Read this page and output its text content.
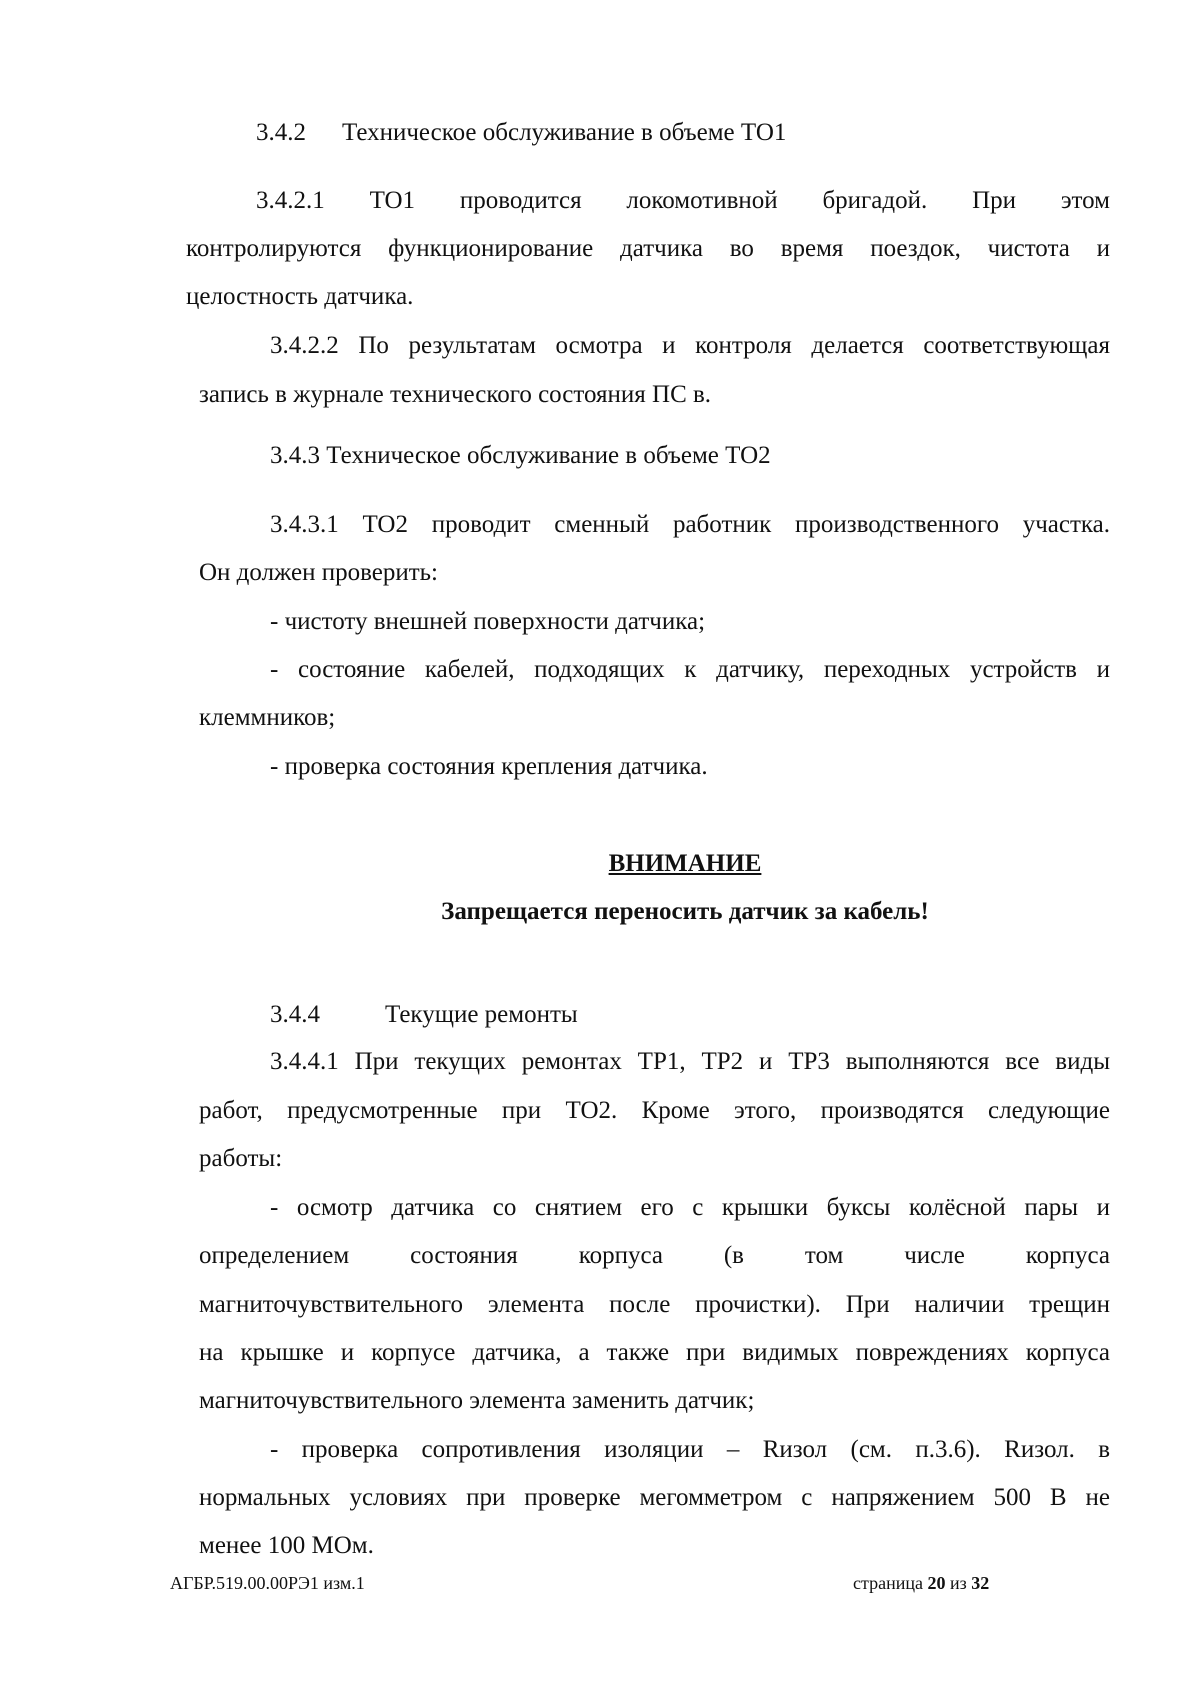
3.4.2 Техническое обслуживание в объеме ТО1
3.4.2.1 ТО1 проводится локомотивной бригадой. При этом
контролируются функционирование датчика во время поездок, чистота и
целостность датчика.
3.4.2.2 По результатам осмотра и контроля делается соответствующая
запись в журнале технического состояния ПС в.
3.4.3 Техническое обслуживание в объеме ТО2
3.4.3.1 ТО2 проводит сменный работник производственного участка.
Он должен проверить:
- чистоту внешней поверхности датчика;
- состояние кабелей, подходящих к датчику, переходных устройств и
клеммников;
- проверка состояния крепления датчика.
ВНИМАНИЕ
Запрещается переносить датчик за кабель!
3.4.4	Текущие ремонты
3.4.4.1 При текущих ремонтах ТР1, ТР2 и ТР3 выполняются все виды
работ, предусмотренные при ТО2. Кроме этого, производятся следующие
работы:
- осмотр датчика со снятием его с крышки буксы колёсной пары и
определением состояния корпуса (в том числе корпуса
магниточувствительного элемента после прочистки). При наличии трещин
на крышке и корпусе датчика, а также при видимых повреждениях корпуса
магниточувствительного элемента заменить датчик;
- проверка сопротивления изоляции – Rизол (см. п.3.6). Rизол. в
нормальных условиях при проверке мегомметром с напряжением 500 В не
менее 100 МОм.
АГБР.519.00.00РЭ1 изм.1	страница 20 из 32
